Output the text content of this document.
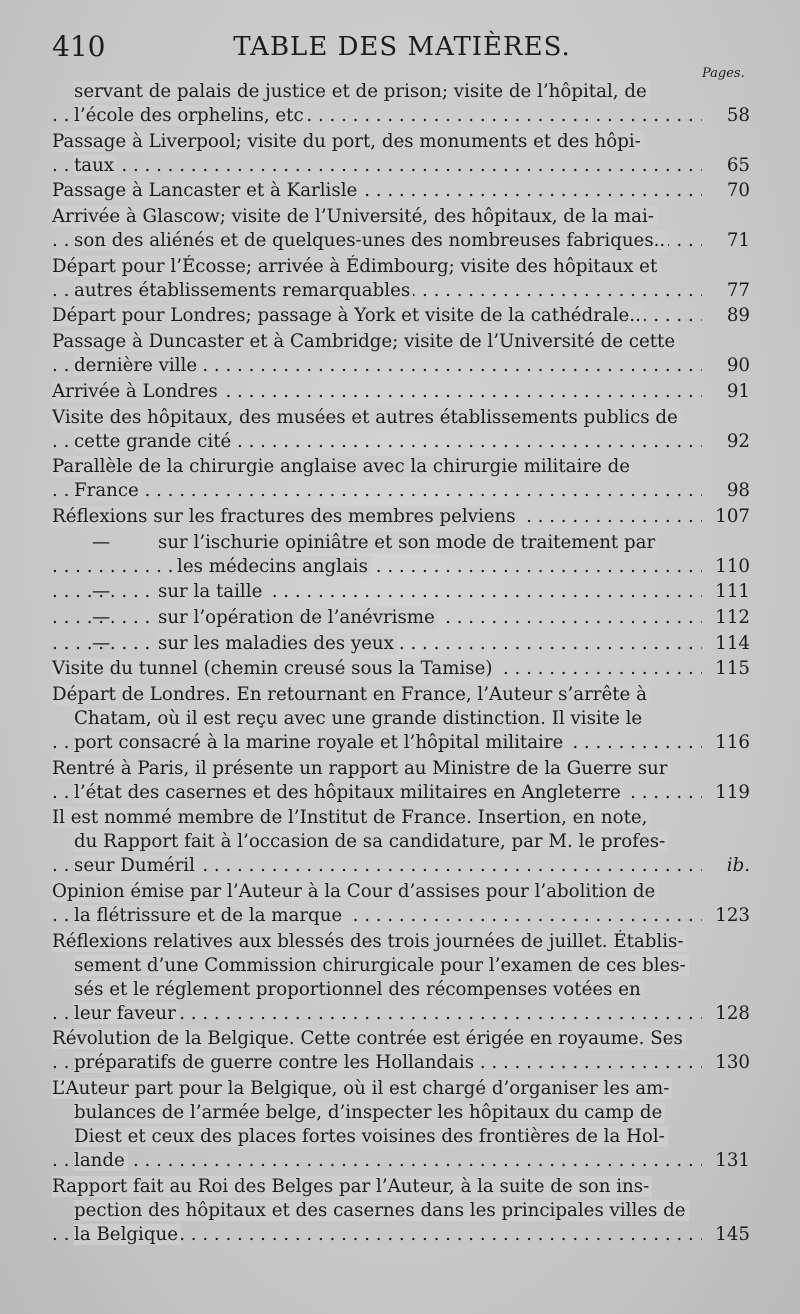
410	TABLE DES MATIÈRES.
Pages.
servant de palais de justice et de prison; visite de l’hôpital, de
l’école des orphelins, etc	58
. . .
Passage à Liverpool; visite du port, des monuments et des hôpi-
taux	65
. . .
Passage à Lancaster et à Karlisle	70
. . .
Arrivée à Glascow; visite de l’Université, des hôpitaux, de la mai-
son des aliénés et de quelques-unes des nombreuses fabriques..	71
. . .
Départ pour l’Écosse; arrivée à Édimbourg; visite des hôpitaux et
autres établissements remarquables	77
. . .
Départ pour Londres; passage à York et visite de la cathédrale..	89
. . .
Passage à Duncaster et à Cambridge; visite de l’Université de cette
dernière ville	90
. . .
Arrivée à Londres	91
. . .
Visite des hôpitaux, des musées et autres établissements publics de
cette grande cité	92
. . .
Parallèle de la chirurgie anglaise avec la chirurgie militaire de
France	98
. . .
Réflexions sur les fractures des membres pelviens	107
. . .
—	sur l’ischurie opiniâtre et son mode de traitement par
les médecins anglais	110
. . .
—	sur la taille	111
. . .
—	sur l’opération de l’anévrisme	112
. . .
—	sur les maladies des yeux	114
. . .
Visite du tunnel (chemin creusé sous la Tamise)	115
. . .
Départ de Londres. En retournant en France, l’Auteur s’arrête à
Chatam, où il est reçu avec une grande distinction. Il visite le
port consacré à la marine royale et l’hôpital militaire	116
. . .
Rentré à Paris, il présente un rapport au Ministre de la Guerre sur
l’état des casernes et des hôpitaux militaires en Angleterre	119
. . .
Il est nommé membre de l’Institut de France. Insertion, en note,
du Rapport fait à l’occasion de sa candidature, par M. le profes-
seur Duméril	ib.
. . .
Opinion émise par l’Auteur à la Cour d’assises pour l’abolition de
la flétrissure et de la marque	123
. . .
Réflexions relatives aux blessés des trois journées de juillet. Établis-
sement d’une Commission chirurgicale pour l’examen de ces bles-
sés et le réglement proportionnel des récompenses votées en
leur faveur	128
. . .
Révolution de la Belgique. Cette contrée est érigée en royaume. Ses
préparatifs de guerre contre les Hollandais	130
. . .
L’Auteur part pour la Belgique, où il est chargé d’organiser les am-
bulances de l’armée belge, d’inspecter les hôpitaux du camp de
Diest et ceux des places fortes voisines des frontières de la Hol-
lande	131
. . .
Rapport fait au Roi des Belges par l’Auteur, à la suite de son ins-
pection des hôpitaux et des casernes dans les principales villes de
la Belgique	145
. . .
